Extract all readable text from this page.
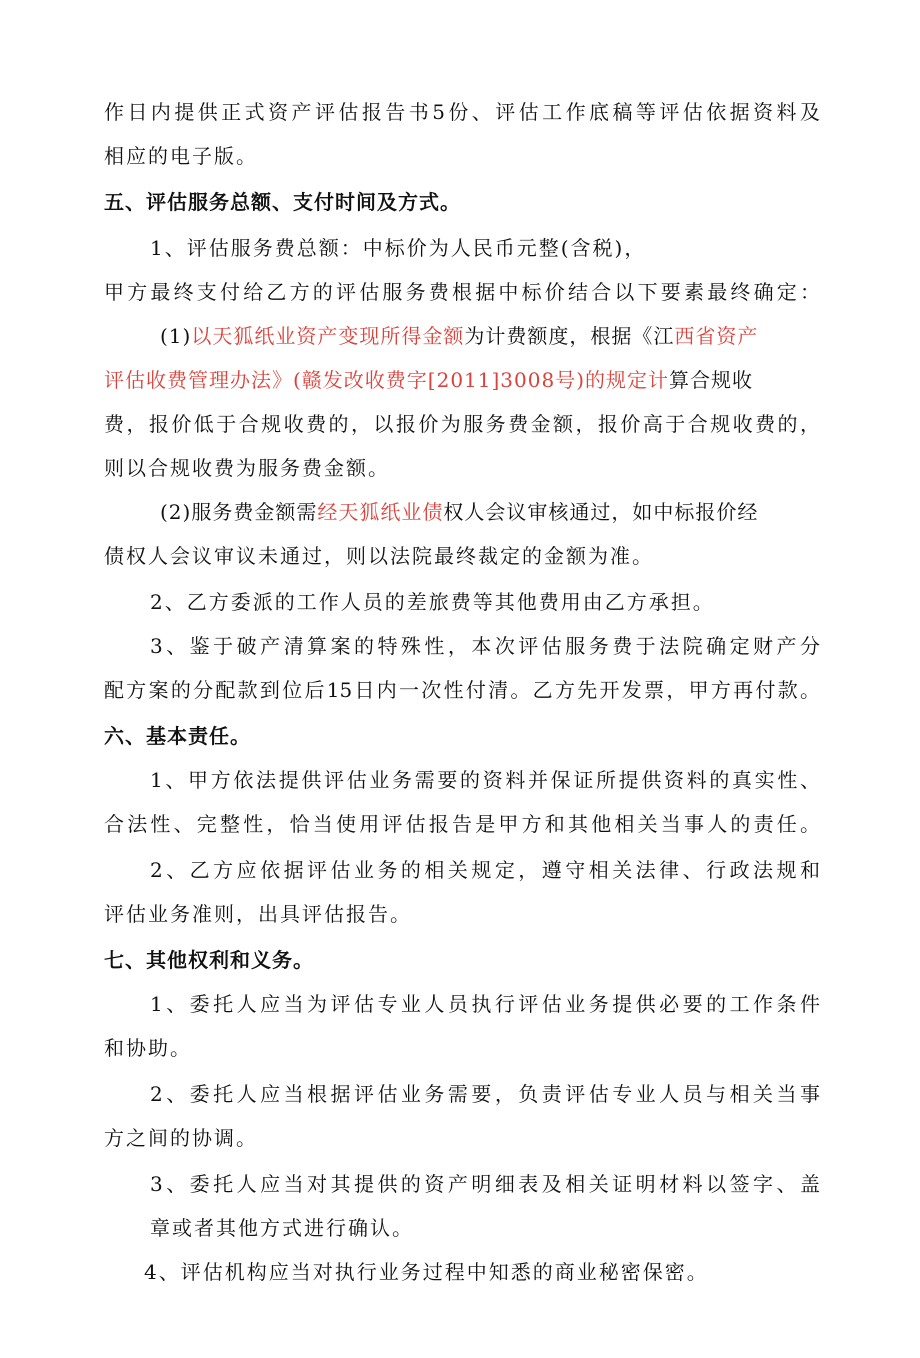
作日内提供正式资产评估报告书5份、评估工作底稿等评估依据资料及
相应的电子版。
五、评估服务总额、支付时间及方式。
1、评估服务费总额：中标价为人民币元整(含税)，
甲方最终支付给乙方的评估服务费根据中标价结合以下要素最终确定：
(1)以天狐纸业资产变现所得金额为计费额度，根据《江西省资产
评估收费管理办法》(赣发改收费字[2011]3008号)的规定计算合规收
费，报价低于合规收费的，以报价为服务费金额，报价高于合规收费的，
则以合规收费为服务费金额。
(2)服务费金额需经天狐纸业债权人会议审核通过，如中标报价经
债权人会议审议未通过，则以法院最终裁定的金额为准。
2、乙方委派的工作人员的差旅费等其他费用由乙方承担。
3、鉴于破产清算案的特殊性，本次评估服务费于法院确定财产分
配方案的分配款到位后15日内一次性付清。乙方先开发票，甲方再付款。
六、基本责任。
1、甲方依法提供评估业务需要的资料并保证所提供资料的真实性、
合法性、完整性，恰当使用评估报告是甲方和其他相关当事人的责任。
2、乙方应依据评估业务的相关规定，遵守相关法律、行政法规和
评估业务准则，出具评估报告。
七、其他权利和义务。
1、委托人应当为评估专业人员执行评估业务提供必要的工作条件
和协助。
2、委托人应当根据评估业务需要，负责评估专业人员与相关当事
方之间的协调。
3、委托人应当对其提供的资产明细表及相关证明材料以签字、盖
章或者其他方式进行确认。
4、评估机构应当对执行业务过程中知悉的商业秘密保密。
